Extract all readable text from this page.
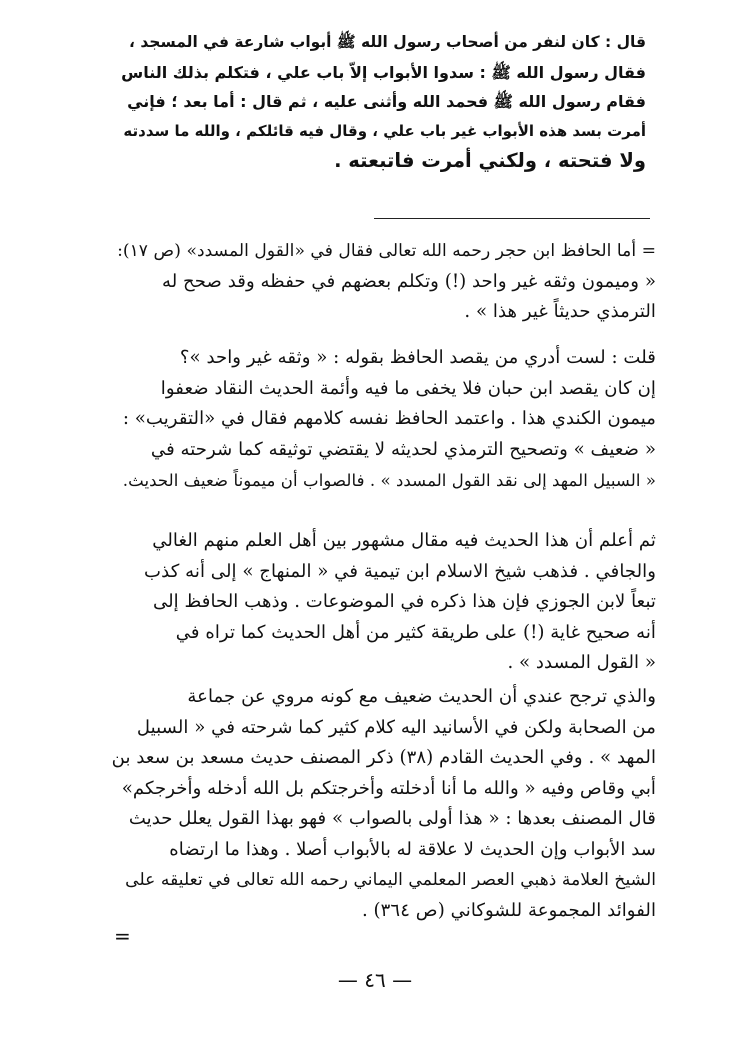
قال : كان لنفر من أصحاب رسول الله ﷺ أبواب شارعة في المسجد ،
فقال رسول الله ﷺ : سدوا الأبواب إلاّ باب علي ، فتكلم بذلك الناس
فقام رسول الله ﷺ فحمد الله وأثنى عليه ، ثم قال : أما بعد ؛ فإني
أمرت بسد هذه الأبواب غير باب علي ، وقال فيه قائلكم ، والله ما سددته
ولا فتحته ، ولكني أمرت فاتبعته .
= أما الحافظ ابن حجر رحمه الله تعالى فقال في «القول المسدد» (ص ١٧):
« وميمون وثقه غير واحد (!) وتكلم بعضهم في حفظه وقد صحح له
الترمذي حديثاً غير هذا » .
قلت : لست أدري من يقصد الحافظ بقوله : « وثقه غير واحد »؟
إن كان يقصد ابن حبان فلا يخفى ما فيه وأئمة الحديث النقاد ضعفوا
ميمون الكندي هذا . واعتمد الحافظ نفسه كلامهم فقال في «التقريب» :
« ضعيف » وتصحيح الترمذي لحديثه لا يقتضي توثيقه كما شرحته في
« السبيل المهد إلى نقد القول المسدد » . فالصواب أن ميموناً ضعيف الحديث.
ثم أعلم أن هذا الحديث فيه مقال مشهور بين أهل العلم منهم الغالي
والجافي . فذهب شيخ الاسلام ابن تيمية في « المنهاج » إلى أنه كذب
تبعاً لابن الجوزي فإن هذا ذكره في الموضوعات . وذهب الحافظ إلى
أنه صحيح غاية (!) على طريقة كثير من أهل الحديث كما تراه في
« القول المسدد » .
والذي ترجح عندي أن الحديث ضعيف مع كونه مروي عن جماعة
من الصحابة ولكن في الأسانيد اليه كلام كثير كما شرحته في « السبيل
المهد » . وفي الحديث القادم (٣٨) ذكر المصنف حديث مسعد بن سعد بن
أبي وقاص وفيه « والله ما أنا أدخلته وأخرجتكم بل الله أدخله وأخرجكم»
قال المصنف بعدها : « هذا أولى بالصواب » فهو بهذا القول يعلل حديث
سد الأبواب وإن الحديث لا علاقة له بالأبواب أصلا . وهذا ما ارتضاه
الشيخ العلامة ذهبي العصر المعلمي اليماني رحمه الله تعالى في تعليقه على
الفوائد المجموعة للشوكاني (ص ٣٦٤) .
=
— ٤٦ —
